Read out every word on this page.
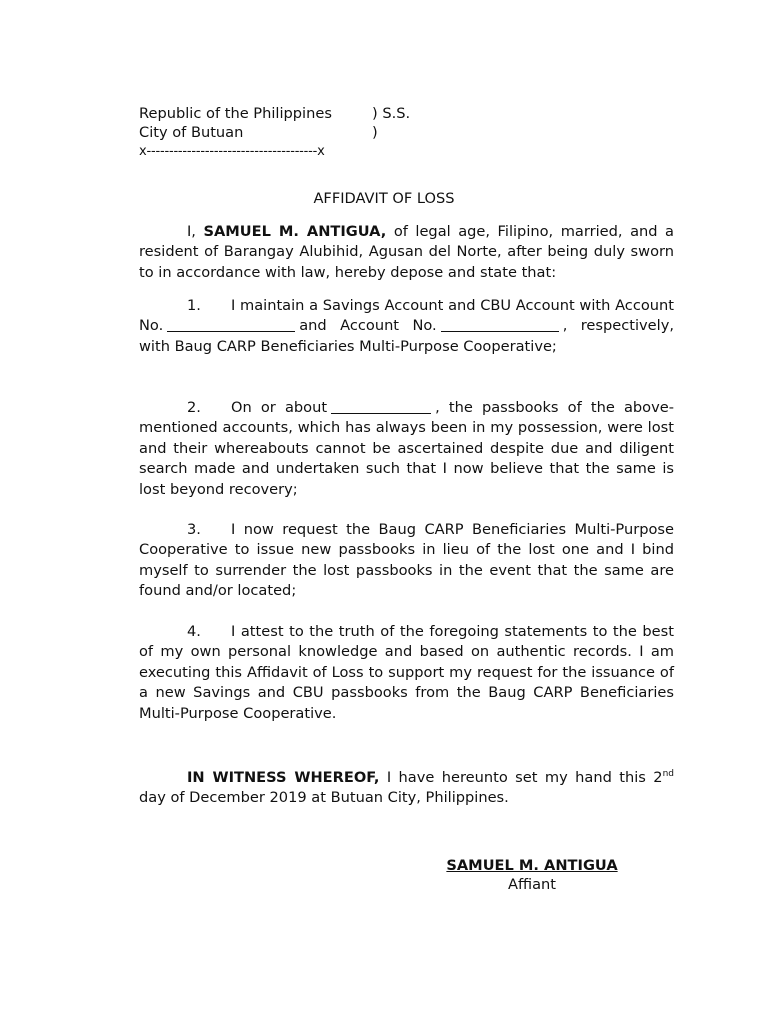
Republic of the Philippines	) S.S.
City of Butuan	)
x--------------------------------------x
AFFIDAVIT OF LOSS

I, SAMUEL M. ANTIGUA, of legal age, Filipino, married, and a resident of Barangay Alubihid, Agusan del Norte, after being duly sworn to in accordance with law, hereby depose and state that:

1. I maintain a Savings Account and CBU Account with Account No.	and Account No.	, respectively, with Baug CARP Beneficiaries Multi-Purpose Cooperative;

2. On or about	, the passbooks of the above-mentioned accounts, which has always been in my possession, were lost and their whereabouts cannot be ascertained despite due and diligent search made and undertaken such that I now believe that the same is lost beyond recovery;

3. I now request the Baug CARP Beneficiaries Multi-Purpose Cooperative to issue new passbooks in lieu of the lost one and I bind myself to surrender the lost passbooks in the event that the same are found and/or located;

4. I attest to the truth of the foregoing statements to the best of my own personal knowledge and based on authentic records. I am executing this Affidavit of Loss to support my request for the issuance of a new Savings and CBU passbooks from the Baug CARP Beneficiaries Multi-Purpose Cooperative.

IN WITNESS WHEREOF, I have hereunto set my hand this 2nd day of December 2019 at Butuan City, Philippines.

SAMUEL M. ANTIGUA
Affiant
